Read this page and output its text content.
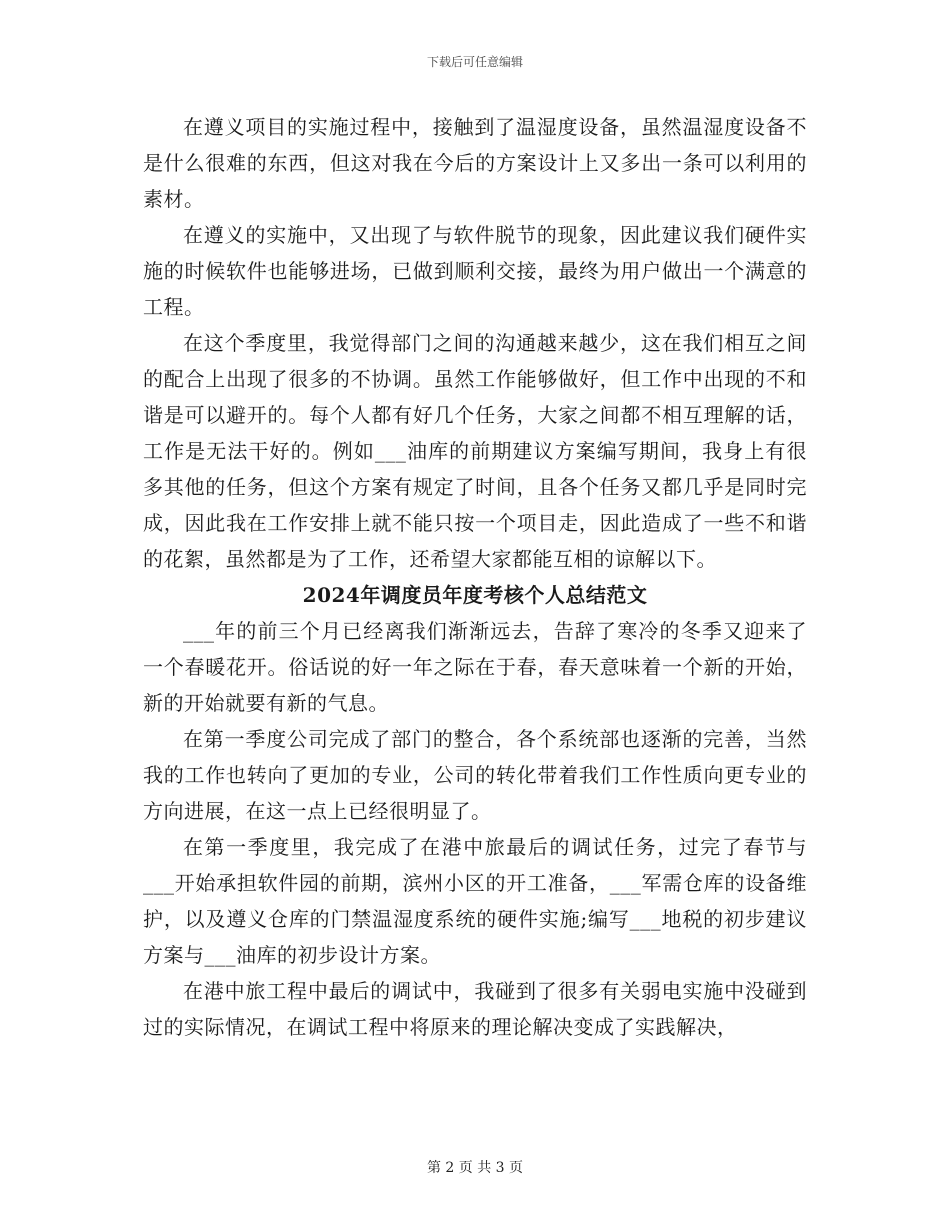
下载后可任意编辑

在遵义项目的实施过程中，接触到了温湿度设备，虽然温湿度设备不是什么很难的东西，但这对我在今后的方案设计上又多出一条可以利用的素材。

在遵义的实施中，又出现了与软件脱节的现象，因此建议我们硬件实施的时候软件也能够进场，已做到顺利交接，最终为用户做出一个满意的工程。

在这个季度里，我觉得部门之间的沟通越来越少，这在我们相互之间的配合上出现了很多的不协调。虽然工作能够做好，但工作中出现的不和谐是可以避开的。每个人都有好几个任务，大家之间都不相互理解的话，工作是无法干好的。例如___油库的前期建议方案编写期间，我身上有很多其他的任务，但这个方案有规定了时间，且各个任务又都几乎是同时完成，因此我在工作安排上就不能只按一个项目走，因此造成了一些不和谐的花絮，虽然都是为了工作，还希望大家都能互相的谅解以下。

2024年调度员年度考核个人总结范文

___年的前三个月已经离我们渐渐远去，告辞了寒冷的冬季又迎来了一个春暖花开。俗话说的好一年之际在于春，春天意味着一个新的开始，新的开始就要有新的气息。

在第一季度公司完成了部门的整合，各个系统部也逐渐的完善，当然我的工作也转向了更加的专业，公司的转化带着我们工作性质向更专业的方向进展，在这一点上已经很明显了。

在第一季度里，我完成了在港中旅最后的调试任务，过完了春节与___开始承担软件园的前期，滨州小区的开工准备，___军需仓库的设备维护，以及遵义仓库的门禁温湿度系统的硬件实施;编写___地税的初步建议方案与___油库的初步设计方案。

在港中旅工程中最后的调试中，我碰到了很多有关弱电实施中没碰到过的实际情况，在调试工程中将原来的理论解决变成了实践解决，

第 2 页 共 3 页
